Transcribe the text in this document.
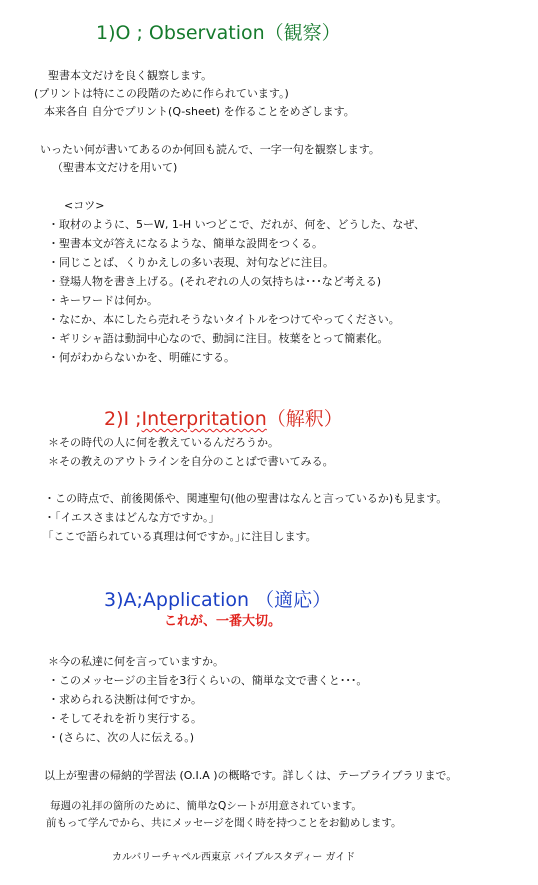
1)O ; Observation（観察）
聖書本文だけを良く観察します。
(プリントは特にこの段階のために作られています。)
本来各自 自分でプリント(Q-sheet) を作ることをめざします。
いったい何が書いてあるのか何回も読んで、一字一句を観察します。
（聖書本文だけを用いて)
<コツ>
・取材のように、5ーW, 1-H いつどこで、だれが、何を、どうした、なぜ、
・聖書本文が答えになるような、簡単な設問をつくる。
・同じことば、くりかえしの多い表現、対句などに注目。
・登場人物を書き上げる。(それぞれの人の気持ちは･･･など考える)
・キーワードは何か。
・なにか、本にしたら売れそうないタイトルをつけてやってください。
・ギリシャ語は動詞中心なので、動詞に注目。枝葉をとって簡素化。
・何がわからないかを、明確にする。
2)I ;Interpritation（解釈）
＊その時代の人に何を教えているんだろうか。
＊その教えのアウトラインを自分のことばで書いてみる。
・この時点で、前後関係や、関連聖句(他の聖書はなんと言っているか)も見ます。
・｢イエスさまはどんな方ですか。｣
｢ここで語られている真理は何ですか。｣に注目します。
3)A;Application （適応）
これが、一番大切。
＊今の私達に何を言っていますか。
・このメッセージの主旨を3行くらいの、簡単な文で書くと･･･。
・求められる決断は何ですか。
・そしてそれを祈り実行する。
・(さらに、次の人に伝える。)
以上が聖書の帰納的学習法 (O.I.A )の概略です。詳しくは、テープライブラリまで。
毎週の礼拝の箇所のために、簡単なQシートが用意されています。
前もって学んでから、共にメッセージを聞く時を持つことをお勧めします。
カルバリーチャペル西東京 バイブルスタディー ガイド
